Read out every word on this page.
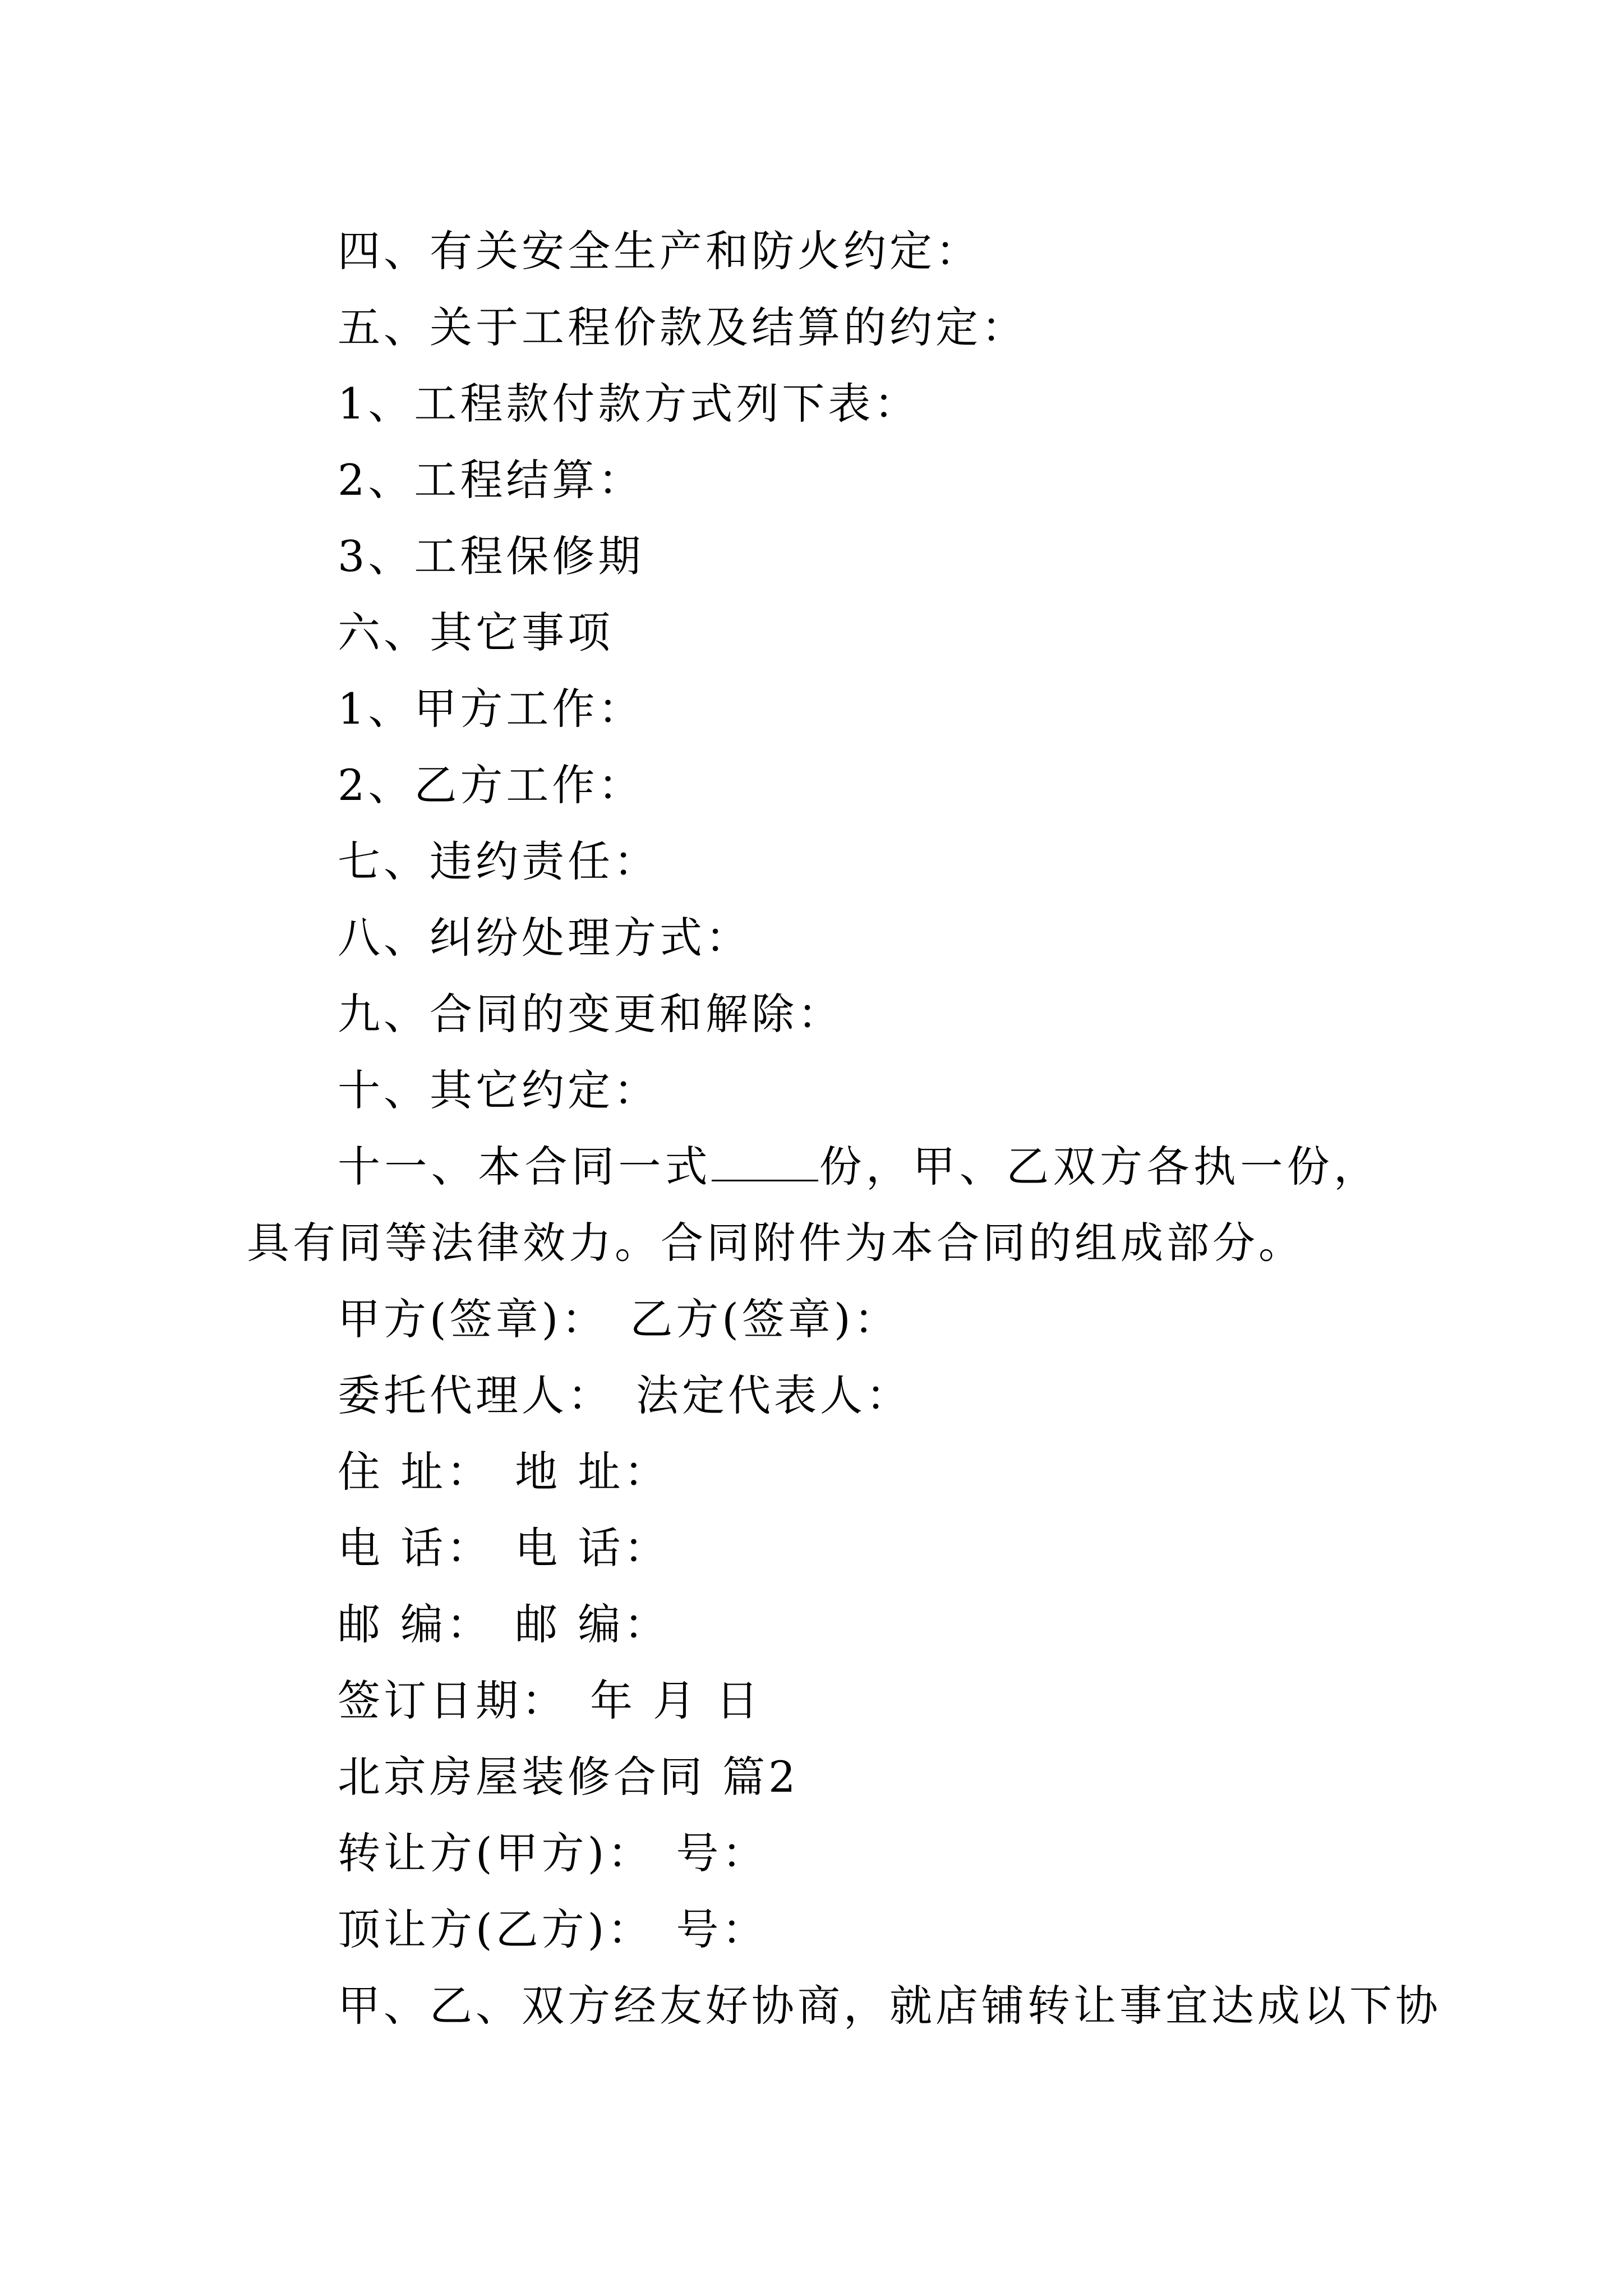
四、有关安全生产和防火约定：
五、关于工程价款及结算的约定：
1、工程款付款方式列下表：
2、工程结算：
3、工程保修期
六、其它事项
1、甲方工作：
2、乙方工作：
七、违约责任：
八、纠纷处理方式：
九、合同的变更和解除：
十、其它约定：
十一、本合同一式	份，甲、乙双方各执一份，具有同等法律效力。合同附件为本合同的组成部分。
甲方(签章)： 乙方(签章)：
委托代理人： 法定代表人：
住 址： 地 址：
电 话： 电 话：
邮 编： 邮 编：
签订日期： 年 月 日
北京房屋装修合同 篇2
转让方(甲方)： 号：
顶让方(乙方)： 号：
甲、乙、双方经友好协商，就店铺转让事宜达成以下协
